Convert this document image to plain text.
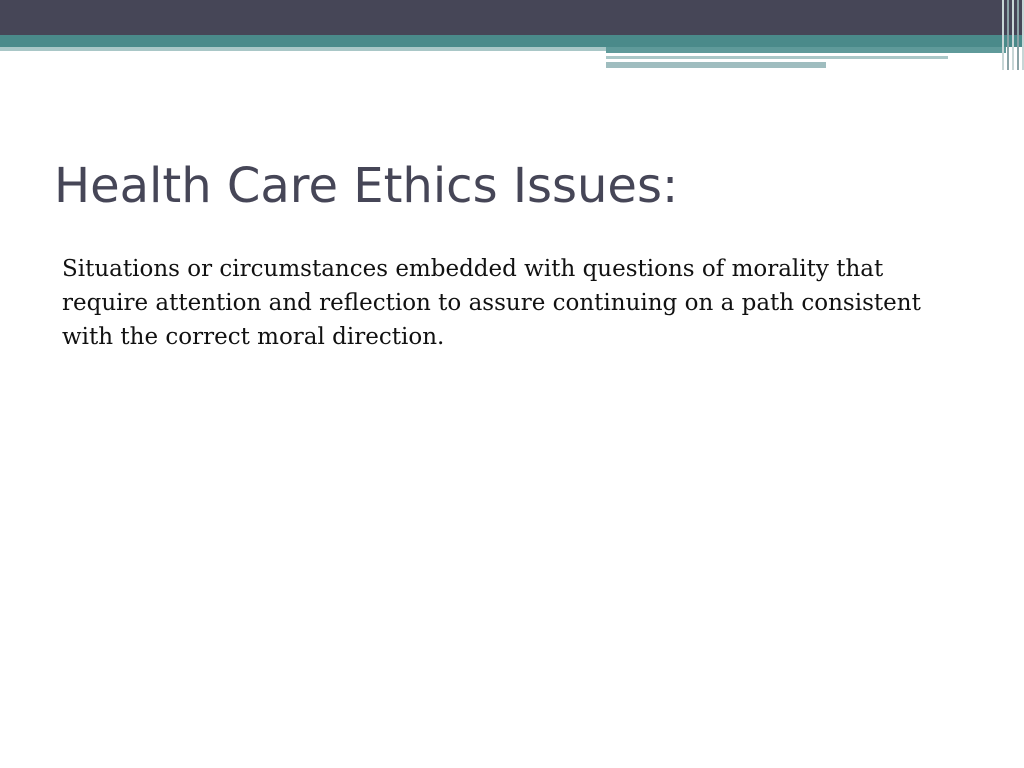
Health Care Ethics Issues:

Situations or circumstances embedded with questions of morality that require attention and reflection to assure continuing on a path consistent with the correct moral direction.
